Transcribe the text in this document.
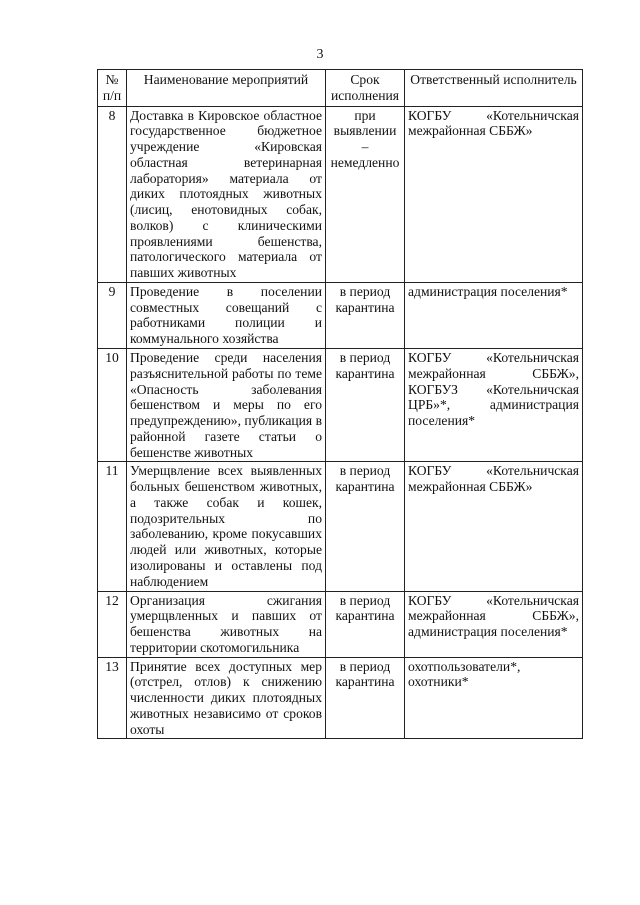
3
№ п/п	Наименование мероприятий	Срок исполнения	Ответственный исполнитель
8	Доставка в Кировское областное государственное бюджетное учреждение «Кировская областная ветеринарная лаборатория» материала от диких плотоядных животных (лисиц, енотовидных собак, волков) с клиническими проявлениями бешенства, патологического материала от павших животных	при выявлении – немедленно	КОГБУ «Котельничская межрайонная СББЖ»
9	Проведение в поселении совместных совещаний с работниками полиции и коммунального хозяйства	в период карантина	администрация поселения*
10	Проведение среди населения разъяснительной работы по теме «Опасность заболевания бешенством и меры по его предупреждению», публикация в районной газете статьи о бешенстве животных	в период карантина	КОГБУ «Котельничская межрайонная СББЖ», КОГБУЗ «Котельничская ЦРБ»*, администрация поселения*
11	Умерщвление всех выявленных больных бешенством животных, а также собак и кошек, подозрительных по заболеванию, кроме покусавших людей или животных, которые изолированы и оставлены под наблюдением	в период карантина	КОГБУ «Котельничская межрайонная СББЖ»
12	Организация сжигания умерщвленных и павших от бешенства животных на территории скотомогильника	в период карантина	КОГБУ «Котельничская межрайонная СББЖ», администрация поселения*
13	Принятие всех доступных мер (отстрел, отлов) к снижению численности диких плотоядных животных независимо от сроков охоты	в период карантина	охотпользователи*, охотники*
